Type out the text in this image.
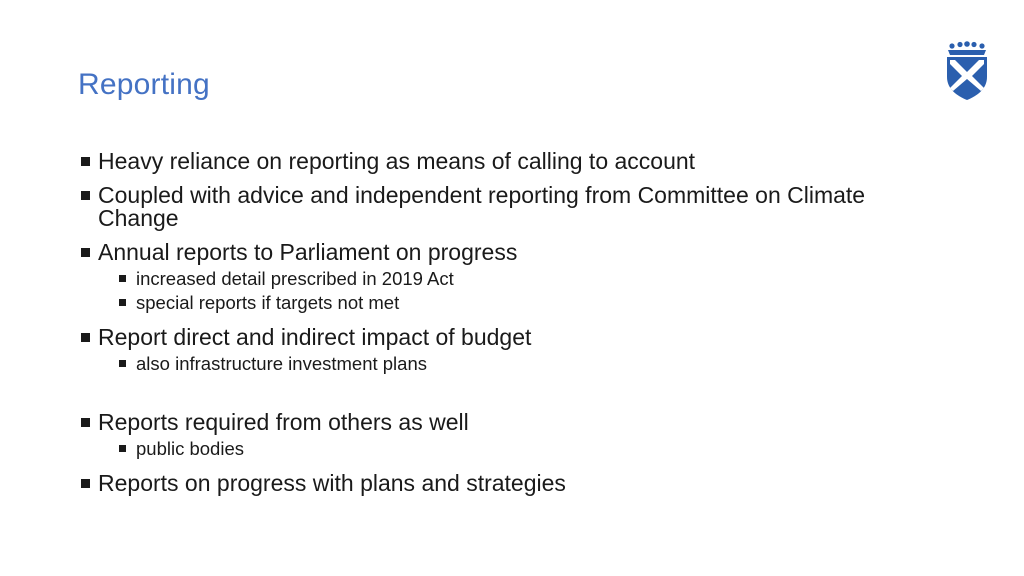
Reporting
Heavy reliance on reporting as means of calling to account
Coupled with advice and independent reporting from Committee on Climate Change
Annual reports to Parliament on progress
increased detail prescribed in 2019 Act
special reports if targets not met
Report direct and indirect impact of budget
also infrastructure investment plans
Reports required from others as well
public bodies
Reports on progress with plans and strategies
